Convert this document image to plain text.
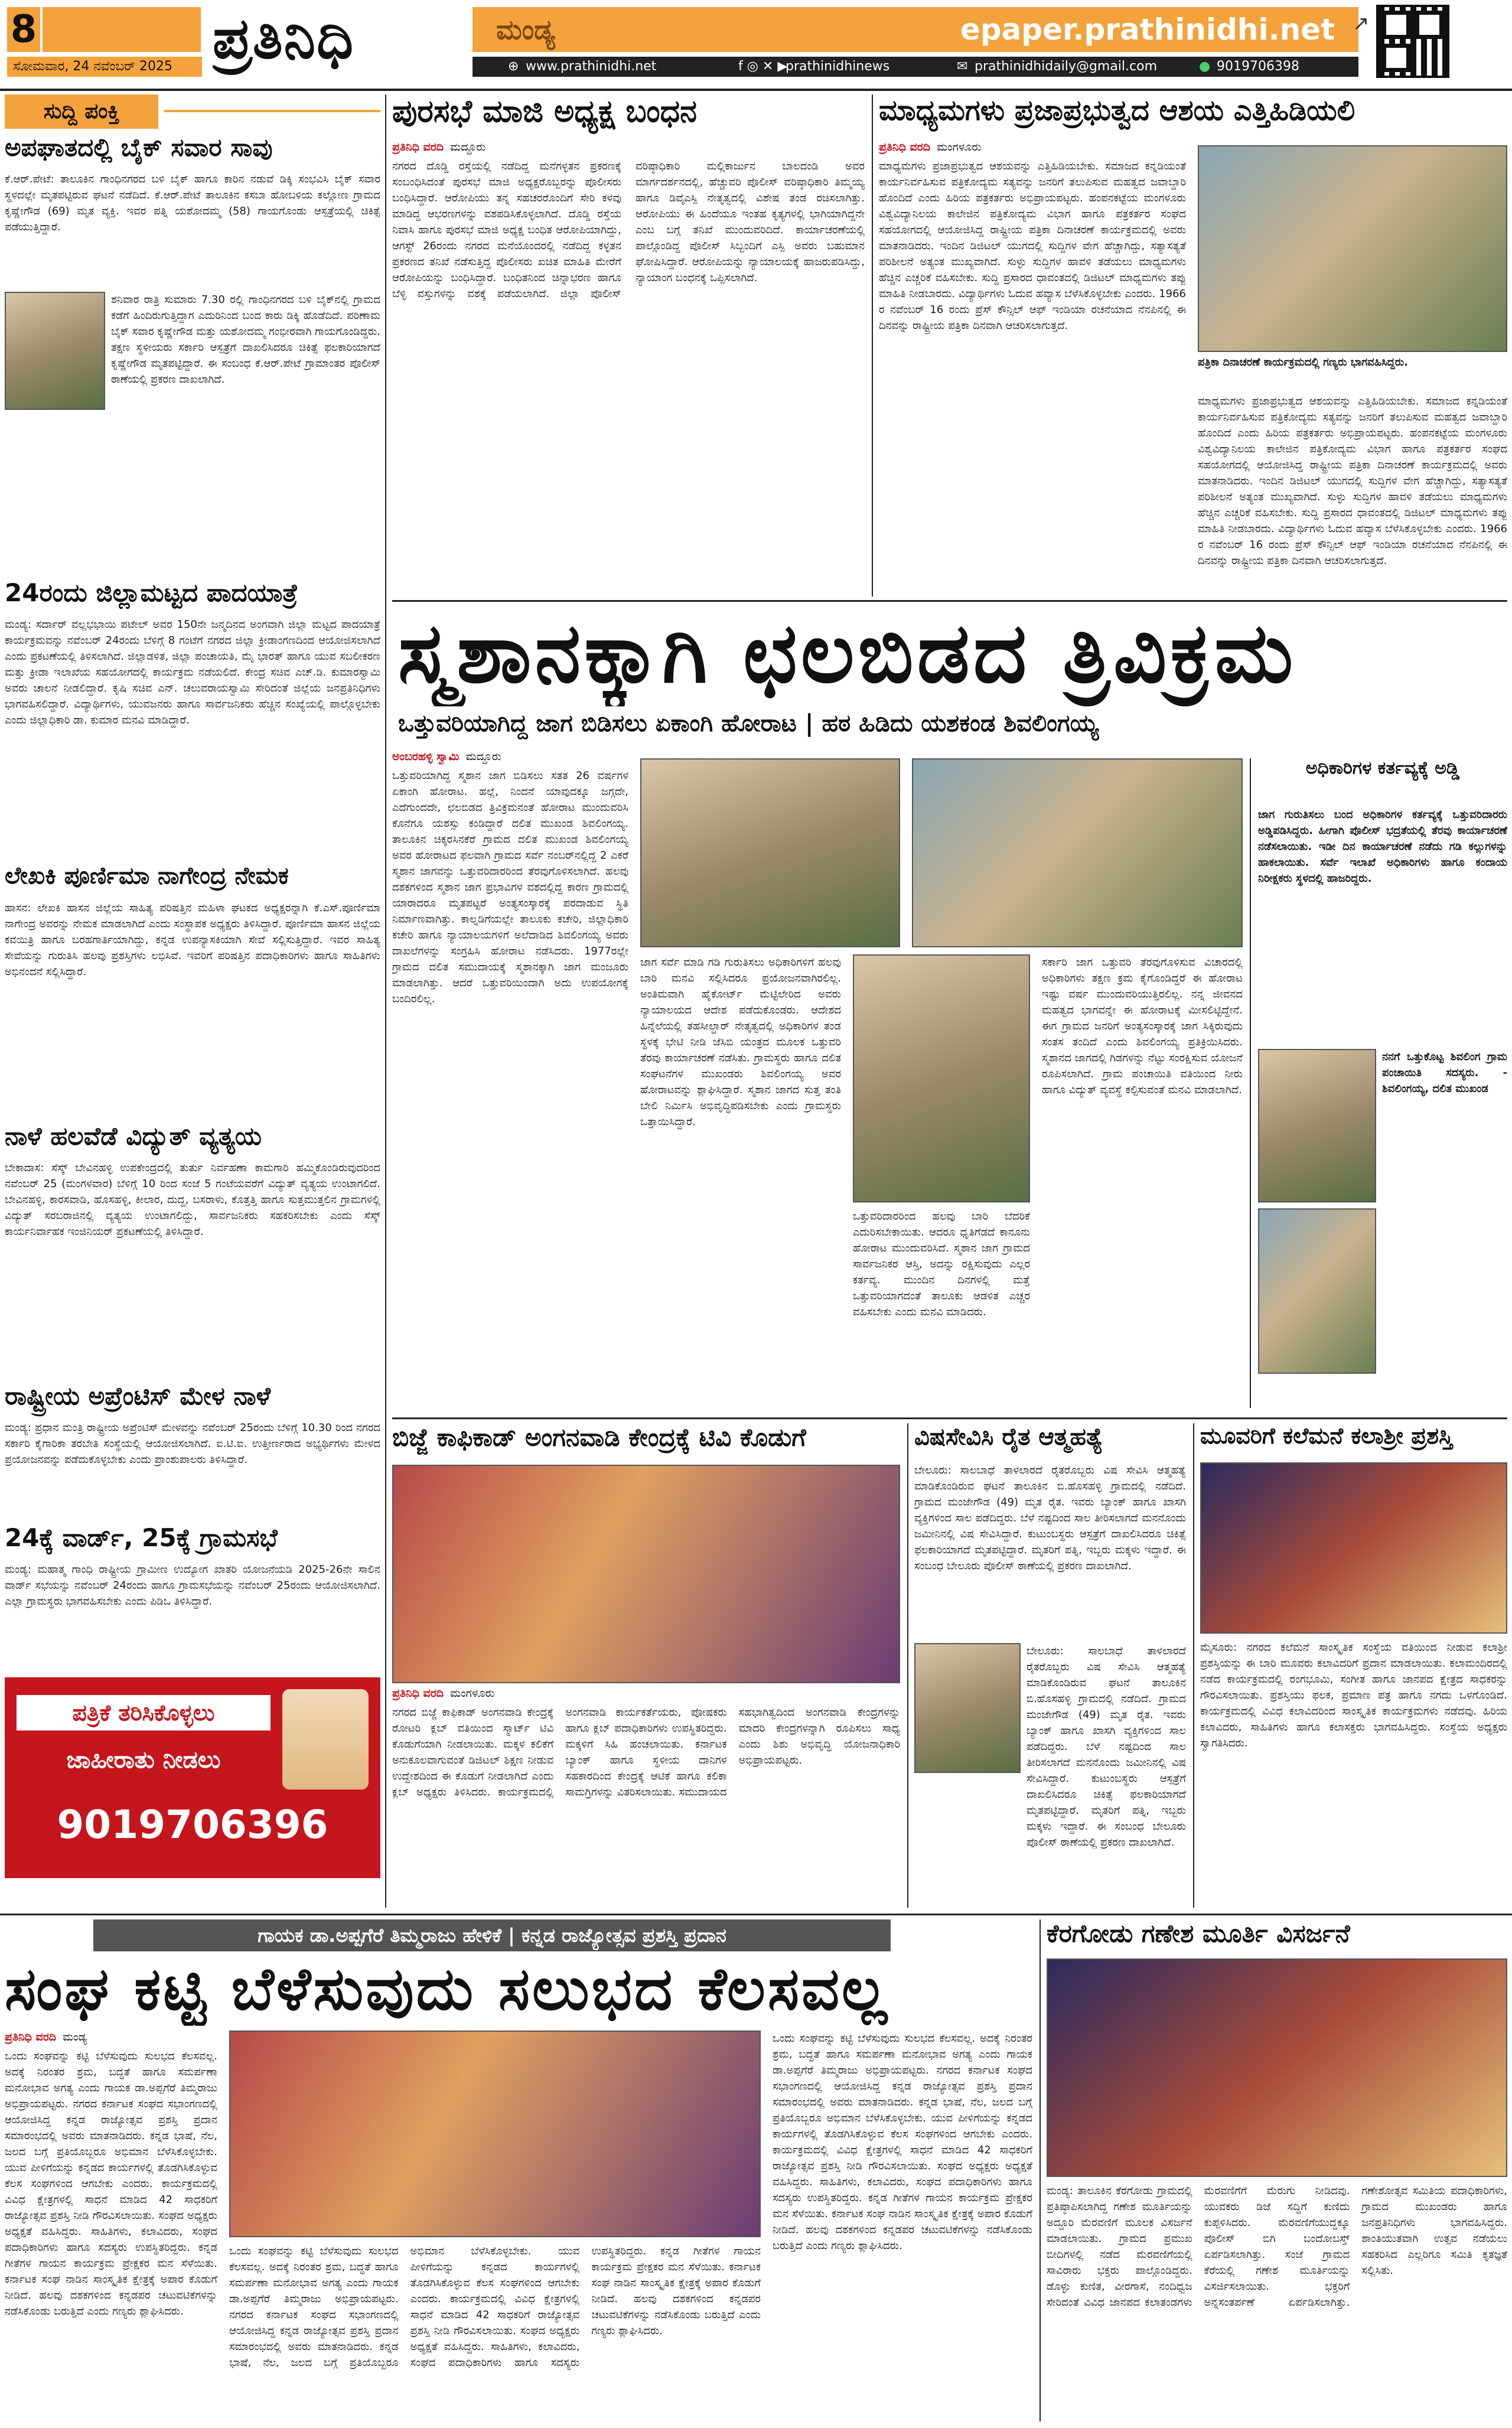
8
ಸೋಮವಾರ, 24 ನವೆಂಬರ್ 2025 ಪ್ರತಿನಿಧಿ	ಮಂಡ್ಯ	epaper.prathinidhi.net
⊕ www.prathinidhi.net	f ◎ ✕ ▶
prathinidhinews	✉ prathinidhidaily@gmail.com	● 9019706398
↗
ಸುದ್ದಿ ಪಂಕ್ತಿ
ಅಪಘಾತದಲ್ಲಿ ಬೈಕ್ ಸವಾರ ಸಾವು
ಕೆ.ಆರ್.ಪೇಟೆ: ತಾಲೂಕಿನ ಗಾಂಧಿನಗರದ ಬಳಿ ಬೈಕ್ ಹಾಗೂ ಕಾರಿನ ನಡುವೆ ಡಿಕ್ಕಿ ಸಂಭವಿಸಿ ಬೈಕ್ ಸವಾರ ಸ್ಥಳದಲ್ಲೇ ಮೃತಪಟ್ಟಿರುವ ಘಟನೆ ನಡೆದಿದೆ. ಕೆ.ಆರ್.ಪೇಟೆ ತಾಲೂಕಿನ ಕಸಬಾ ಹೋಬಳಿಯ ಕಲ್ಲೋಣ ಗ್ರಾಮದ ಕೃಷ್ಣೇಗೌಡ (69) ಮೃತ ವ್ಯಕ್ತಿ. ಇವರ ಪತ್ನಿ ಯಶೋದಮ್ಮ (58) ಗಾಯಗೊಂಡು ಆಸ್ಪತ್ರೆಯಲ್ಲಿ ಚಿಕಿತ್ಸೆ ಪಡೆಯುತ್ತಿದ್ದಾರೆ.
ಶನಿವಾರ ರಾತ್ರಿ ಸುಮಾರು 7.30 ರಲ್ಲಿ ಗಾಂಧಿನಗರದ ಬಳಿ ಬೈಕ್‌ನಲ್ಲಿ ಗ್ರಾಮದ ಕಡೆಗೆ ಹಿಂದಿರುಗುತ್ತಿದ್ದಾಗ ಎದುರಿನಿಂದ ಬಂದ ಕಾರು ಡಿಕ್ಕಿ ಹೊಡೆದಿದೆ. ಪರಿಣಾಮ ಬೈಕ್ ಸವಾರ ಕೃಷ್ಣೇಗೌಡ ಮತ್ತು ಯಶೋದಮ್ಮ ಗಂಭೀರವಾಗಿ ಗಾಯಗೊಂಡಿದ್ದರು. ತಕ್ಷಣ ಸ್ಥಳೀಯರು ಸರ್ಕಾರಿ ಆಸ್ಪತ್ರೆಗೆ ದಾಖಲಿಸಿದರೂ ಚಿಕಿತ್ಸೆ ಫಲಕಾರಿಯಾಗದೆ ಕೃಷ್ಣೇಗೌಡ ಮೃತಪಟ್ಟಿದ್ದಾರೆ. ಈ ಸಂಬಂಧ ಕೆ.ಆರ್.ಪೇಟೆ ಗ್ರಾಮಾಂತರ ಪೊಲೀಸ್ ಠಾಣೆಯಲ್ಲಿ ಪ್ರಕರಣ ದಾಖಲಾಗಿದೆ.
24ರಂದು ಜಿಲ್ಲಾಮಟ್ಟದ ಪಾದಯಾತ್ರೆ
ಮಂಡ್ಯ: ಸರ್ದಾರ್ ವಲ್ಲಭಭಾಯಿ ಪಟೇಲ್ ಅವರ 150ನೇ ಜನ್ಮದಿನದ ಅಂಗವಾಗಿ ಜಿಲ್ಲಾ ಮಟ್ಟದ ಪಾದಯಾತ್ರೆ ಕಾರ್ಯಕ್ರಮವನ್ನು ನವೆಂಬರ್ 24ರಂದು ಬೆಳಿಗ್ಗೆ 8 ಗಂಟೆಗೆ ನಗರದ ಜಿಲ್ಲಾ ಕ್ರೀಡಾಂಗಣದಿಂದ ಆಯೋಜಿಸಲಾಗಿದೆ ಎಂದು ಪ್ರಕಟಣೆಯಲ್ಲಿ ತಿಳಿಸಲಾಗಿದೆ. ಜಿಲ್ಲಾಡಳಿತ, ಜಿಲ್ಲಾ ಪಂಚಾಯತಿ, ಮೈ ಭಾರತ್ ಹಾಗೂ ಯುವ ಸಬಲೀಕರಣ ಮತ್ತು ಕ್ರೀಡಾ ಇಲಾಖೆಯ ಸಹಯೋಗದಲ್ಲಿ ಕಾರ್ಯಕ್ರಮ ನಡೆಯಲಿದೆ. ಕೇಂದ್ರ ಸಚಿವ ಎಚ್.ಡಿ. ಕುಮಾರಸ್ವಾಮಿ ಅವರು ಚಾಲನೆ ನೀಡಲಿದ್ದಾರೆ. ಕೃಷಿ ಸಚಿವ ಎನ್. ಚಲುವರಾಯಸ್ವಾಮಿ ಸೇರಿದಂತೆ ಜಿಲ್ಲೆಯ ಜನಪ್ರತಿನಿಧಿಗಳು ಭಾಗವಹಿಸಲಿದ್ದಾರೆ. ವಿದ್ಯಾರ್ಥಿಗಳು, ಯುವಜನರು ಹಾಗೂ ಸಾರ್ವಜನಿಕರು ಹೆಚ್ಚಿನ ಸಂಖ್ಯೆಯಲ್ಲಿ ಪಾಲ್ಗೊಳ್ಳಬೇಕು ಎಂದು ಜಿಲ್ಲಾಧಿಕಾರಿ ಡಾ. ಕುಮಾರ ಮನವಿ ಮಾಡಿದ್ದಾರೆ.
ಲೇಖಕಿ ಪೂರ್ಣಿಮಾ ನಾಗೇಂದ್ರ ನೇಮಕ
ಹಾಸನ: ಲೇಖಕಿ ಹಾಸನ ಜಿಲ್ಲೆಯ ಸಾಹಿತ್ಯ ಪರಿಷತ್ತಿನ ಮಹಿಳಾ ಘಟಕದ ಅಧ್ಯಕ್ಷರನ್ನಾಗಿ ಕೆ.ಎಸ್.ಪೂರ್ಣಿಮಾ ನಾಗೇಂದ್ರ ಅವರನ್ನು ನೇಮಕ ಮಾಡಲಾಗಿದೆ ಎಂದು ಸಂಸ್ಥಾಪಕ ಅಧ್ಯಕ್ಷರು ತಿಳಿಸಿದ್ದಾರೆ. ಪೂರ್ಣಿಮಾ ಹಾಸನ ಜಿಲ್ಲೆಯ ಕವಯಿತ್ರಿ ಹಾಗೂ ಬರಹಗಾರ್ತಿಯಾಗಿದ್ದು, ಕನ್ನಡ ಉಪನ್ಯಾಸಕಿಯಾಗಿ ಸೇವೆ ಸಲ್ಲಿಸುತ್ತಿದ್ದಾರೆ. ಇವರ ಸಾಹಿತ್ಯ ಸೇವೆಯನ್ನು ಗುರುತಿಸಿ ಹಲವು ಪ್ರಶಸ್ತಿಗಳು ಲಭಿಸಿವೆ. ಇವರಿಗೆ ಪರಿಷತ್ತಿನ ಪದಾಧಿಕಾರಿಗಳು ಹಾಗೂ ಸಾಹಿತಿಗಳು ಅಭಿನಂದನೆ ಸಲ್ಲಿಸಿದ್ದಾರೆ.
ನಾಳೆ ಹಲವೆಡೆ ವಿದ್ಯುತ್ ವ್ಯತ್ಯಯ
ಬೇಕಾದಾಸ: ಸೆಸ್ಕ್ ಬೇವಿನಹಳ್ಳಿ ಉಪಕೇಂದ್ರದಲ್ಲಿ ತುರ್ತು ನಿರ್ವಹಣಾ ಕಾಮಗಾರಿ ಹಮ್ಮಿಕೊಂಡಿರುವುದರಿಂದ ನವೆಂಬರ್ 25 (ಮಂಗಳವಾರ) ಬೆಳಿಗ್ಗೆ 10 ರಿಂದ ಸಂಜೆ 5 ಗಂಟೆಯವರೆಗೆ ವಿದ್ಯುತ್ ವ್ಯತ್ಯಯ ಉಂಟಾಗಲಿದೆ. ಬೇವಿನಹಳ್ಳಿ, ಕಾರಸವಾಡಿ, ಹೊಸಹಳ್ಳಿ, ಕೀಲಾರ, ದುದ್ದ, ಬಸರಾಳು, ಕೊತ್ತತ್ತಿ ಹಾಗೂ ಸುತ್ತಮುತ್ತಲಿನ ಗ್ರಾಮಗಳಲ್ಲಿ ವಿದ್ಯುತ್ ಸರಬರಾಜಿನಲ್ಲಿ ವ್ಯತ್ಯಯ ಉಂಟಾಗಲಿದ್ದು, ಸಾರ್ವಜನಿಕರು ಸಹಕರಿಸಬೇಕು ಎಂದು ಸೆಸ್ಕ್ ಕಾರ್ಯನಿರ್ವಾಹಕ ಇಂಜಿನಿಯರ್ ಪ್ರಕಟಣೆಯಲ್ಲಿ ತಿಳಿಸಿದ್ದಾರೆ.
ರಾಷ್ಟ್ರೀಯ ಅಪ್ರೆಂಟಿಸ್ ಮೇಳ ನಾಳೆ
ಮಂಡ್ಯ: ಪ್ರಧಾನ ಮಂತ್ರಿ ರಾಷ್ಟ್ರೀಯ ಅಪ್ರೆಂಟಿಸ್ ಮೇಳವನ್ನು ನವೆಂಬರ್ 25ರಂದು ಬೆಳಿಗ್ಗೆ 10.30 ರಿಂದ ನಗರದ ಸರ್ಕಾರಿ ಕೈಗಾರಿಕಾ ತರಬೇತಿ ಸಂಸ್ಥೆಯಲ್ಲಿ ಆಯೋಜಿಸಲಾಗಿದೆ. ಐ.ಟಿ.ಐ. ಉತ್ತೀರ್ಣರಾದ ಅಭ್ಯರ್ಥಿಗಳು ಮೇಳದ ಪ್ರಯೋಜನವನ್ನು ಪಡೆದುಕೊಳ್ಳಬೇಕು ಎಂದು ಪ್ರಾಂಶುಪಾಲರು ತಿಳಿಸಿದ್ದಾರೆ.
24ಕ್ಕೆ ವಾರ್ಡ್, 25ಕ್ಕೆ ಗ್ರಾಮಸಭೆ
ಮಂಡ್ಯ: ಮಹಾತ್ಮ ಗಾಂಧಿ ರಾಷ್ಟ್ರೀಯ ಗ್ರಾಮೀಣ ಉದ್ಯೋಗ ಖಾತರಿ ಯೋಜನೆಯಡಿ 2025-26ನೇ ಸಾಲಿನ ವಾರ್ಡ್ ಸಭೆಯನ್ನು ನವೆಂಬರ್ 24ರಂದು ಹಾಗೂ ಗ್ರಾಮಸಭೆಯನ್ನು ನವೆಂಬರ್ 25ರಂದು ಆಯೋಜಿಸಲಾಗಿದೆ. ಎಲ್ಲಾ ಗ್ರಾಮಸ್ಥರು ಭಾಗವಹಿಸಬೇಕು ಎಂದು ಪಿಡಿಒ ತಿಳಿಸಿದ್ದಾರೆ.
ಪತ್ರಿಕೆ ತರಿಸಿಕೊಳ್ಳಲು
ಜಾಹೀರಾತು ನೀಡಲು
9019706396
ಪುರಸಭೆ ಮಾಜಿ ಅಧ್ಯಕ್ಷ ಬಂಧನ
ಪ್ರತಿನಿಧಿ ವರದಿ ಮದ್ದೂರು
ನಗರದ ದೊಡ್ಡಿ ರಸ್ತೆಯಲ್ಲಿ ನಡೆದಿದ್ದ ಮನೆಗಳ್ಳತನ ಪ್ರಕರಣಕ್ಕೆ ಸಂಬಂಧಿಸಿದಂತೆ ಪುರಸಭೆ ಮಾಜಿ ಅಧ್ಯಕ್ಷರೊಬ್ಬರನ್ನು ಪೊಲೀಸರು ಬಂಧಿಸಿದ್ದಾರೆ. ಆರೋಪಿಯು ತನ್ನ ಸಹಚರರೊಂದಿಗೆ ಸೇರಿ ಕಳವು ಮಾಡಿದ್ದ ಆಭರಣಗಳನ್ನು ವಶಪಡಿಸಿಕೊಳ್ಳಲಾಗಿದೆ. ದೊಡ್ಡಿ ರಸ್ತೆಯ ನಿವಾಸಿ ಹಾಗೂ ಪುರಸಭೆ ಮಾಜಿ ಅಧ್ಯಕ್ಷ ಬಂಧಿತ ಆರೋಪಿಯಾಗಿದ್ದು, ಆಗಸ್ಟ್ 26ರಂದು ನಗರದ ಮನೆಯೊಂದರಲ್ಲಿ ನಡೆದಿದ್ದ ಕಳ್ಳತನ ಪ್ರಕರಣದ ತನಿಖೆ ನಡೆಸುತ್ತಿದ್ದ ಪೊಲೀಸರು ಖಚಿತ ಮಾಹಿತಿ ಮೇರೆಗೆ ಆರೋಪಿಯನ್ನು ಬಂಧಿಸಿದ್ದಾರೆ. ಬಂಧಿತನಿಂದ ಚಿನ್ನಾಭರಣ ಹಾಗೂ ಬೆಳ್ಳಿ ವಸ್ತುಗಳನ್ನು ವಶಕ್ಕೆ ಪಡೆಯಲಾಗಿದೆ. ಜಿಲ್ಲಾ ಪೊಲೀಸ್ ವರಿಷ್ಠಾಧಿಕಾರಿ ಮಲ್ಲಿಕಾರ್ಜುನ ಬಾಲದಂಡಿ ಅವರ ಮಾರ್ಗದರ್ಶನದಲ್ಲಿ, ಹೆಚ್ಚುವರಿ ಪೊಲೀಸ್ ವರಿಷ್ಠಾಧಿಕಾರಿ ತಿಮ್ಮಯ್ಯ ಹಾಗೂ ಡಿವೈಎಸ್ಪಿ ನೇತೃತ್ವದಲ್ಲಿ ವಿಶೇಷ ತಂಡ ರಚಿಸಲಾಗಿತ್ತು. ಆರೋಪಿಯು ಈ ಹಿಂದೆಯೂ ಇಂತಹ ಕೃತ್ಯಗಳಲ್ಲಿ ಭಾಗಿಯಾಗಿದ್ದನೇ ಎಂಬ ಬಗ್ಗೆ ತನಿಖೆ ಮುಂದುವರಿದಿದೆ. ಕಾರ್ಯಾಚರಣೆಯಲ್ಲಿ ಪಾಲ್ಗೊಂಡಿದ್ದ ಪೊಲೀಸ್ ಸಿಬ್ಬಂದಿಗೆ ಎಸ್ಪಿ ಅವರು ಬಹುಮಾನ ಘೋಷಿಸಿದ್ದಾರೆ. ಆರೋಪಿಯನ್ನು ನ್ಯಾಯಾಲಯಕ್ಕೆ ಹಾಜರುಪಡಿಸಿದ್ದು, ನ್ಯಾಯಾಂಗ ಬಂಧನಕ್ಕೆ ಒಪ್ಪಿಸಲಾಗಿದೆ.
ಮಾಧ್ಯಮಗಳು ಪ್ರಜಾಪ್ರಭುತ್ವದ ಆಶಯ ಎತ್ತಿಹಿಡಿಯಲಿ
ಪ್ರತಿನಿಧಿ ವರದಿ ಮಂಗಳೂರು
ಮಾಧ್ಯಮಗಳು ಪ್ರಜಾಪ್ರಭುತ್ವದ ಆಶಯವನ್ನು ಎತ್ತಿಹಿಡಿಯಬೇಕು. ಸಮಾಜದ ಕನ್ನಡಿಯಂತೆ ಕಾರ್ಯನಿರ್ವಹಿಸುವ ಪತ್ರಿಕೋದ್ಯಮ ಸತ್ಯವನ್ನು ಜನರಿಗೆ ತಲುಪಿಸುವ ಮಹತ್ವದ ಜವಾಬ್ದಾರಿ ಹೊಂದಿದೆ ಎಂದು ಹಿರಿಯ ಪತ್ರಕರ್ತರು ಅಭಿಪ್ರಾಯಪಟ್ಟರು. ಹಂಪನಕಟ್ಟೆಯ ಮಂಗಳೂರು ವಿಶ್ವವಿದ್ಯಾನಿಲಯ ಕಾಲೇಜಿನ ಪತ್ರಿಕೋದ್ಯಮ ವಿಭಾಗ ಹಾಗೂ ಪತ್ರಕರ್ತರ ಸಂಘದ ಸಹಯೋಗದಲ್ಲಿ ಆಯೋಜಿಸಿದ್ದ ರಾಷ್ಟ್ರೀಯ ಪತ್ರಿಕಾ ದಿನಾಚರಣೆ ಕಾರ್ಯಕ್ರಮದಲ್ಲಿ ಅವರು ಮಾತನಾಡಿದರು. ಇಂದಿನ ಡಿಜಿಟಲ್ ಯುಗದಲ್ಲಿ ಸುದ್ದಿಗಳ ವೇಗ ಹೆಚ್ಚಾಗಿದ್ದು, ಸತ್ಯಾಸತ್ಯತೆ ಪರಿಶೀಲನೆ ಅತ್ಯಂತ ಮುಖ್ಯವಾಗಿದೆ. ಸುಳ್ಳು ಸುದ್ದಿಗಳ ಹಾವಳಿ ತಡೆಯಲು ಮಾಧ್ಯಮಗಳು ಹೆಚ್ಚಿನ ಎಚ್ಚರಿಕೆ ವಹಿಸಬೇಕು. ಸುದ್ದಿ ಪ್ರಸಾರದ ಧಾವಂತದಲ್ಲಿ ಡಿಜಿಟಲ್ ಮಾಧ್ಯಮಗಳು ತಪ್ಪು ಮಾಹಿತಿ ನೀಡಬಾರದು. ವಿದ್ಯಾರ್ಥಿಗಳು ಓದುವ ಹವ್ಯಾಸ ಬೆಳೆಸಿಕೊಳ್ಳಬೇಕು ಎಂದರು. 1966 ರ ನವೆಂಬರ್ 16 ರಂದು ಪ್ರೆಸ್ ಕೌನ್ಸಿಲ್ ಆಫ್ ಇಂಡಿಯಾ ರಚನೆಯಾದ ನೆನಪಿನಲ್ಲಿ ಈ ದಿನವನ್ನು ರಾಷ್ಟ್ರೀಯ ಪತ್ರಿಕಾ ದಿನವಾಗಿ ಆಚರಿಸಲಾಗುತ್ತದೆ.
ಪತ್ರಿಕಾ ದಿನಾಚರಣೆ ಕಾರ್ಯಕ್ರಮದಲ್ಲಿ ಗಣ್ಯರು ಭಾಗವಹಿಸಿದ್ದರು.
ಮಾಧ್ಯಮಗಳು ಪ್ರಜಾಪ್ರಭುತ್ವದ ಆಶಯವನ್ನು ಎತ್ತಿಹಿಡಿಯಬೇಕು. ಸಮಾಜದ ಕನ್ನಡಿಯಂತೆ ಕಾರ್ಯನಿರ್ವಹಿಸುವ ಪತ್ರಿಕೋದ್ಯಮ ಸತ್ಯವನ್ನು ಜನರಿಗೆ ತಲುಪಿಸುವ ಮಹತ್ವದ ಜವಾಬ್ದಾರಿ ಹೊಂದಿದೆ ಎಂದು ಹಿರಿಯ ಪತ್ರಕರ್ತರು ಅಭಿಪ್ರಾಯಪಟ್ಟರು. ಹಂಪನಕಟ್ಟೆಯ ಮಂಗಳೂರು ವಿಶ್ವವಿದ್ಯಾನಿಲಯ ಕಾಲೇಜಿನ ಪತ್ರಿಕೋದ್ಯಮ ವಿಭಾಗ ಹಾಗೂ ಪತ್ರಕರ್ತರ ಸಂಘದ ಸಹಯೋಗದಲ್ಲಿ ಆಯೋಜಿಸಿದ್ದ ರಾಷ್ಟ್ರೀಯ ಪತ್ರಿಕಾ ದಿನಾಚರಣೆ ಕಾರ್ಯಕ್ರಮದಲ್ಲಿ ಅವರು ಮಾತನಾಡಿದರು. ಇಂದಿನ ಡಿಜಿಟಲ್ ಯುಗದಲ್ಲಿ ಸುದ್ದಿಗಳ ವೇಗ ಹೆಚ್ಚಾಗಿದ್ದು, ಸತ್ಯಾಸತ್ಯತೆ ಪರಿಶೀಲನೆ ಅತ್ಯಂತ ಮುಖ್ಯವಾಗಿದೆ. ಸುಳ್ಳು ಸುದ್ದಿಗಳ ಹಾವಳಿ ತಡೆಯಲು ಮಾಧ್ಯಮಗಳು ಹೆಚ್ಚಿನ ಎಚ್ಚರಿಕೆ ವಹಿಸಬೇಕು. ಸುದ್ದಿ ಪ್ರಸಾರದ ಧಾವಂತದಲ್ಲಿ ಡಿಜಿಟಲ್ ಮಾಧ್ಯಮಗಳು ತಪ್ಪು ಮಾಹಿತಿ ನೀಡಬಾರದು. ವಿದ್ಯಾರ್ಥಿಗಳು ಓದುವ ಹವ್ಯಾಸ ಬೆಳೆಸಿಕೊಳ್ಳಬೇಕು ಎಂದರು. 1966 ರ ನವೆಂಬರ್ 16 ರಂದು ಪ್ರೆಸ್ ಕೌನ್ಸಿಲ್ ಆಫ್ ಇಂಡಿಯಾ ರಚನೆಯಾದ ನೆನಪಿನಲ್ಲಿ ಈ ದಿನವನ್ನು ರಾಷ್ಟ್ರೀಯ ಪತ್ರಿಕಾ ದಿನವಾಗಿ ಆಚರಿಸಲಾಗುತ್ತದೆ.
ಸ್ಮಶಾನಕ್ಕಾಗಿ ಛಲಬಿಡದ ತ್ರಿವಿಕ್ರಮ
ಒತ್ತುವರಿಯಾಗಿದ್ದ ಜಾಗ ಬಿಡಿಸಲು ಏಕಾಂಗಿ ಹೋರಾಟ | ಹಠ ಹಿಡಿದು ಯಶಕಂಡ ಶಿವಲಿಂಗಯ್ಯ
ಅಂಬರಹಳ್ಳಿ ಸ್ವಾಮಿ ಮದ್ದೂರು
ಒತ್ತುವರಿಯಾಗಿದ್ದ ಸ್ಮಶಾನ ಜಾಗ ಬಿಡಿಸಲು ಸತತ 26 ವರ್ಷಗಳ ಏಕಾಂಗಿ ಹೋರಾಟ. ಹಲ್ಲೆ, ನಿಂದನೆ ಯಾವುದಕ್ಕೂ ಜಗ್ಗದೇ, ಎದೆಗುಂದದೇ, ಛಲಬಿಡದ ತ್ರಿವಿಕ್ರಮನಂತೆ ಹೋರಾಟ ಮುಂದುವರಿಸಿ ಕೊನೆಗೂ ಯಶಸ್ಸು ಕಂಡಿದ್ದಾರೆ ದಲಿತ ಮುಖಂಡ ಶಿವಲಿಂಗಯ್ಯ. ತಾಲೂಕಿನ ಚಿಕ್ಕರಸಿನಕೆರೆ ಗ್ರಾಮದ ದಲಿತ ಮುಖಂಡ ಶಿವಲಿಂಗಯ್ಯ ಅವರ ಹೋರಾಟದ ಫಲವಾಗಿ ಗ್ರಾಮದ ಸರ್ವೆ ನಂಬರ್‌ನಲ್ಲಿದ್ದ 2 ಎಕರೆ ಸ್ಮಶಾನ ಜಾಗವನ್ನು ಒತ್ತುವರಿದಾರರಿಂದ ತೆರವುಗೊಳಿಸಲಾಗಿದೆ. ಹಲವು ದಶಕಗಳಿಂದ ಸ್ಮಶಾನ ಜಾಗ ಪ್ರಭಾವಿಗಳ ವಶದಲ್ಲಿದ್ದ ಕಾರಣ ಗ್ರಾಮದಲ್ಲಿ ಯಾರಾದರೂ ಮೃತಪಟ್ಟರೆ ಅಂತ್ಯಸಂಸ್ಕಾರಕ್ಕೆ ಪರದಾಡುವ ಸ್ಥಿತಿ ನಿರ್ಮಾಣವಾಗಿತ್ತು. ಕಾಲ್ನಡಿಗೆಯಲ್ಲೇ ತಾಲೂಕು ಕಚೇರಿ, ಜಿಲ್ಲಾಧಿಕಾರಿ ಕಚೇರಿ ಹಾಗೂ ನ್ಯಾಯಾಲಯಗಳಿಗೆ ಅಲೆದಾಡಿದ ಶಿವಲಿಂಗಯ್ಯ ಅವರು ದಾಖಲೆಗಳನ್ನು ಸಂಗ್ರಹಿಸಿ ಹೋರಾಟ ನಡೆಸಿದರು. 1977ರಲ್ಲೇ ಗ್ರಾಮದ ದಲಿತ ಸಮುದಾಯಕ್ಕೆ ಸ್ಮಶಾನಕ್ಕಾಗಿ ಜಾಗ ಮಂಜೂರು ಮಾಡಲಾಗಿತ್ತು. ಆದರೆ ಒತ್ತುವರಿಯಿಂದಾಗಿ ಅದು ಉಪಯೋಗಕ್ಕೆ ಬಂದಿರಲಿಲ್ಲ.
ಜಾಗ ಸರ್ವೆ ಮಾಡಿ ಗಡಿ ಗುರುತಿಸಲು ಅಧಿಕಾರಿಗಳಿಗೆ ಹಲವು ಬಾರಿ ಮನವಿ ಸಲ್ಲಿಸಿದರೂ ಪ್ರಯೋಜನವಾಗಿರಲಿಲ್ಲ. ಅಂತಿಮವಾಗಿ ಹೈಕೋರ್ಟ್ ಮೆಟ್ಟಿಲೇರಿದ ಅವರು ನ್ಯಾಯಾಲಯದ ಆದೇಶ ಪಡೆದುಕೊಂಡರು. ಆದೇಶದ ಹಿನ್ನೆಲೆಯಲ್ಲಿ ತಹಸೀಲ್ದಾರ್ ನೇತೃತ್ವದಲ್ಲಿ ಅಧಿಕಾರಿಗಳ ತಂಡ ಸ್ಥಳಕ್ಕೆ ಭೇಟಿ ನೀಡಿ ಜೆಸಿಬಿ ಯಂತ್ರದ ಮೂಲಕ ಒತ್ತುವರಿ ತೆರವು ಕಾರ್ಯಾಚರಣೆ ನಡೆಸಿತು. ಗ್ರಾಮಸ್ಥರು ಹಾಗೂ ದಲಿತ ಸಂಘಟನೆಗಳ ಮುಖಂಡರು ಶಿವಲಿಂಗಯ್ಯ ಅವರ ಹೋರಾಟವನ್ನು ಶ್ಲಾಘಿಸಿದ್ದಾರೆ. ಸ್ಮಶಾನ ಜಾಗದ ಸುತ್ತ ತಂತಿ ಬೇಲಿ ನಿರ್ಮಿಸಿ ಅಭಿವೃದ್ಧಿಪಡಿಸಬೇಕು ಎಂದು ಗ್ರಾಮಸ್ಥರು ಒತ್ತಾಯಿಸಿದ್ದಾರೆ.
ಸರ್ಕಾರಿ ಜಾಗ ಒತ್ತುವರಿ ತೆರವುಗೊಳಿಸುವ ವಿಚಾರದಲ್ಲಿ ಅಧಿಕಾರಿಗಳು ತಕ್ಷಣ ಕ್ರಮ ಕೈಗೊಂಡಿದ್ದರೆ ಈ ಹೋರಾಟ ಇಷ್ಟು ವರ್ಷ ಮುಂದುವರಿಯುತ್ತಿರಲಿಲ್ಲ. ನನ್ನ ಜೀವನದ ಮಹತ್ವದ ಭಾಗವನ್ನೇ ಈ ಹೋರಾಟಕ್ಕೆ ಮೀಸಲಿಟ್ಟಿದ್ದೇನೆ. ಈಗ ಗ್ರಾಮದ ಜನರಿಗೆ ಅಂತ್ಯಸಂಸ್ಕಾರಕ್ಕೆ ಜಾಗ ಸಿಕ್ಕಿರುವುದು ಸಂತಸ ತಂದಿದೆ ಎಂದು ಶಿವಲಿಂಗಯ್ಯ ಪ್ರತಿಕ್ರಿಯಿಸಿದರು. ಸ್ಮಶಾನದ ಜಾಗದಲ್ಲಿ ಗಿಡಗಳನ್ನು ನೆಟ್ಟು ಸಂರಕ್ಷಿಸುವ ಯೋಜನೆ ರೂಪಿಸಲಾಗಿದೆ. ಗ್ರಾಮ ಪಂಚಾಯಿತಿ ವತಿಯಿಂದ ನೀರು ಹಾಗೂ ವಿದ್ಯುತ್ ವ್ಯವಸ್ಥೆ ಕಲ್ಪಿಸುವಂತೆ ಮನವಿ ಮಾಡಲಾಗಿದೆ.
ಒತ್ತುವರಿದಾರರಿಂದ ಹಲವು ಬಾರಿ ಬೆದರಿಕೆ ಎದುರಿಸಬೇಕಾಯಿತು. ಆದರೂ ಧೃತಿಗೆಡದೆ ಕಾನೂನು ಹೋರಾಟ ಮುಂದುವರಿಸಿದೆ. ಸ್ಮಶಾನ ಜಾಗ ಗ್ರಾಮದ ಸಾರ್ವಜನಿಕರ ಆಸ್ತಿ, ಅದನ್ನು ರಕ್ಷಿಸುವುದು ಎಲ್ಲರ ಕರ್ತವ್ಯ. ಮುಂದಿನ ದಿನಗಳಲ್ಲಿ ಮತ್ತೆ ಒತ್ತುವರಿಯಾಗದಂತೆ ತಾಲೂಕು ಆಡಳಿತ ಎಚ್ಚರ ವಹಿಸಬೇಕು ಎಂದು ಮನವಿ ಮಾಡಿದರು.
ಅಧಿಕಾರಿಗಳ ಕರ್ತವ್ಯಕ್ಕೆ ಅಡ್ಡಿ
ಜಾಗ ಗುರುತಿಸಲು ಬಂದ ಅಧಿಕಾರಿಗಳ ಕರ್ತವ್ಯಕ್ಕೆ ಒತ್ತುವರಿದಾರರು ಅಡ್ಡಿಪಡಿಸಿದ್ದರು. ಹೀಗಾಗಿ ಪೊಲೀಸ್ ಭದ್ರತೆಯಲ್ಲಿ ತೆರವು ಕಾರ್ಯಾಚರಣೆ ನಡೆಸಲಾಯಿತು. ಇಡೀ ದಿನ ಕಾರ್ಯಾಚರಣೆ ನಡೆದು ಗಡಿ ಕಲ್ಲುಗಳನ್ನು ಹಾಕಲಾಯಿತು. ಸರ್ವೆ ಇಲಾಖೆ ಅಧಿಕಾರಿಗಳು ಹಾಗೂ ಕಂದಾಯ ನಿರೀಕ್ಷಕರು ಸ್ಥಳದಲ್ಲಿ ಹಾಜರಿದ್ದರು.
ನನಗೆ ಒತ್ತುಕೊಟ್ಟ ಶಿವಲಿಂಗ ಗ್ರಾಮ ಪಂಚಾಯಿತಿ ಸದಸ್ಯರು. - ಶಿವಲಿಂಗಯ್ಯ, ದಲಿತ ಮುಖಂಡ
ಬಿಜ್ಜೆ ಕಾಫಿಕಾಡ್ ಅಂಗನವಾಡಿ ಕೇಂದ್ರಕ್ಕೆ ಟಿವಿ ಕೊಡುಗೆ
ಪ್ರತಿನಿಧಿ ವರದಿ ಮಂಗಳೂರು
ನಗರದ ಬಿಜ್ಜೆ ಕಾಫಿಕಾಡ್ ಅಂಗನವಾಡಿ ಕೇಂದ್ರಕ್ಕೆ ರೋಟರಿ ಕ್ಲಬ್ ವತಿಯಿಂದ ಸ್ಮಾರ್ಟ್ ಟಿವಿ ಕೊಡುಗೆಯಾಗಿ ನೀಡಲಾಯಿತು. ಮಕ್ಕಳ ಕಲಿಕೆಗೆ ಅನುಕೂಲವಾಗುವಂತೆ ಡಿಜಿಟಲ್ ಶಿಕ್ಷಣ ನೀಡುವ ಉದ್ದೇಶದಿಂದ ಈ ಕೊಡುಗೆ ನೀಡಲಾಗಿದೆ ಎಂದು ಕ್ಲಬ್ ಅಧ್ಯಕ್ಷರು ತಿಳಿಸಿದರು. ಕಾರ್ಯಕ್ರಮದಲ್ಲಿ ಅಂಗನವಾಡಿ ಕಾರ್ಯಕರ್ತೆಯರು, ಪೋಷಕರು ಹಾಗೂ ಕ್ಲಬ್ ಪದಾಧಿಕಾರಿಗಳು ಉಪಸ್ಥಿತರಿದ್ದರು. ಮಕ್ಕಳಿಗೆ ಸಿಹಿ ಹಂಚಲಾಯಿತು. ಕರ್ನಾಟಕ ಬ್ಯಾಂಕ್ ಹಾಗೂ ಸ್ಥಳೀಯ ದಾನಿಗಳ ಸಹಕಾರದಿಂದ ಕೇಂದ್ರಕ್ಕೆ ಆಟಿಕೆ ಹಾಗೂ ಕಲಿಕಾ ಸಾಮಗ್ರಿಗಳನ್ನು ವಿತರಿಸಲಾಯಿತು. ಸಮುದಾಯದ ಸಹಭಾಗಿತ್ವದಿಂದ ಅಂಗನವಾಡಿ ಕೇಂದ್ರಗಳನ್ನು ಮಾದರಿ ಕೇಂದ್ರಗಳನ್ನಾಗಿ ರೂಪಿಸಲು ಸಾಧ್ಯ ಎಂದು ಶಿಶು ಅಭಿವೃದ್ಧಿ ಯೋಜನಾಧಿಕಾರಿ ಅಭಿಪ್ರಾಯಪಟ್ಟರು.
ವಿಷಸೇವಿಸಿ ರೈತ ಆತ್ಮಹತ್ಯೆ
ಬೇಲೂರು: ಸಾಲಬಾಧೆ ತಾಳಲಾರದೆ ರೈತರೊಬ್ಬರು ವಿಷ ಸೇವಿಸಿ ಆತ್ಮಹತ್ಯೆ ಮಾಡಿಕೊಂಡಿರುವ ಘಟನೆ ತಾಲೂಕಿನ ಬಿ.ಹೊಸಹಳ್ಳಿ ಗ್ರಾಮದಲ್ಲಿ ನಡೆದಿದೆ. ಗ್ರಾಮದ ಮಂಜೇಗೌಡ (49) ಮೃತ ರೈತ. ಇವರು ಬ್ಯಾಂಕ್ ಹಾಗೂ ಖಾಸಗಿ ವ್ಯಕ್ತಿಗಳಿಂದ ಸಾಲ ಪಡೆದಿದ್ದರು. ಬೆಳೆ ನಷ್ಟದಿಂದ ಸಾಲ ತೀರಿಸಲಾಗದೆ ಮನನೊಂದು ಜಮೀನಿನಲ್ಲಿ ವಿಷ ಸೇವಿಸಿದ್ದಾರೆ. ಕುಟುಂಬಸ್ಥರು ಆಸ್ಪತ್ರೆಗೆ ದಾಖಲಿಸಿದರೂ ಚಿಕಿತ್ಸೆ ಫಲಕಾರಿಯಾಗದೆ ಮೃತಪಟ್ಟಿದ್ದಾರೆ. ಮೃತರಿಗೆ ಪತ್ನಿ, ಇಬ್ಬರು ಮಕ್ಕಳು ಇದ್ದಾರೆ. ಈ ಸಂಬಂಧ ಬೇಲೂರು ಪೊಲೀಸ್ ಠಾಣೆಯಲ್ಲಿ ಪ್ರಕರಣ ದಾಖಲಾಗಿದೆ.
ಬೇಲೂರು: ಸಾಲಬಾಧೆ ತಾಳಲಾರದೆ ರೈತರೊಬ್ಬರು ವಿಷ ಸೇವಿಸಿ ಆತ್ಮಹತ್ಯೆ ಮಾಡಿಕೊಂಡಿರುವ ಘಟನೆ ತಾಲೂಕಿನ ಬಿ.ಹೊಸಹಳ್ಳಿ ಗ್ರಾಮದಲ್ಲಿ ನಡೆದಿದೆ. ಗ್ರಾಮದ ಮಂಜೇಗೌಡ (49) ಮೃತ ರೈತ. ಇವರು ಬ್ಯಾಂಕ್ ಹಾಗೂ ಖಾಸಗಿ ವ್ಯಕ್ತಿಗಳಿಂದ ಸಾಲ ಪಡೆದಿದ್ದರು. ಬೆಳೆ ನಷ್ಟದಿಂದ ಸಾಲ ತೀರಿಸಲಾಗದೆ ಮನನೊಂದು ಜಮೀನಿನಲ್ಲಿ ವಿಷ ಸೇವಿಸಿದ್ದಾರೆ. ಕುಟುಂಬಸ್ಥರು ಆಸ್ಪತ್ರೆಗೆ ದಾಖಲಿಸಿದರೂ ಚಿಕಿತ್ಸೆ ಫಲಕಾರಿಯಾಗದೆ ಮೃತಪಟ್ಟಿದ್ದಾರೆ. ಮೃತರಿಗೆ ಪತ್ನಿ, ಇಬ್ಬರು ಮಕ್ಕಳು ಇದ್ದಾರೆ. ಈ ಸಂಬಂಧ ಬೇಲೂರು ಪೊಲೀಸ್ ಠಾಣೆಯಲ್ಲಿ ಪ್ರಕರಣ ದಾಖಲಾಗಿದೆ.
ಮೂವರಿಗೆ ಕಲೆಮನೆ ಕಲಾಶ್ರೀ ಪ್ರಶಸ್ತಿ
ಮೈಸೂರು: ನಗರದ ಕಲೆಮನೆ ಸಾಂಸ್ಕೃತಿಕ ಸಂಸ್ಥೆಯ ವತಿಯಿಂದ ನೀಡುವ ಕಲಾಶ್ರೀ ಪ್ರಶಸ್ತಿಯನ್ನು ಈ ಬಾರಿ ಮೂವರು ಕಲಾವಿದರಿಗೆ ಪ್ರದಾನ ಮಾಡಲಾಯಿತು. ಕಲಾಮಂದಿರದಲ್ಲಿ ನಡೆದ ಕಾರ್ಯಕ್ರಮದಲ್ಲಿ ರಂಗಭೂಮಿ, ಸಂಗೀತ ಹಾಗೂ ಜಾನಪದ ಕ್ಷೇತ್ರದ ಸಾಧಕರನ್ನು ಗೌರವಿಸಲಾಯಿತು. ಪ್ರಶಸ್ತಿಯು ಫಲಕ, ಪ್ರಮಾಣ ಪತ್ರ ಹಾಗೂ ನಗದು ಒಳಗೊಂಡಿದೆ. ಕಾರ್ಯಕ್ರಮದಲ್ಲಿ ವಿವಿಧ ಕಲಾವಿದರಿಂದ ಸಾಂಸ್ಕೃತಿಕ ಕಾರ್ಯಕ್ರಮಗಳು ನಡೆದವು. ಹಿರಿಯ ಕಲಾವಿದರು, ಸಾಹಿತಿಗಳು ಹಾಗೂ ಕಲಾಸಕ್ತರು ಭಾಗವಹಿಸಿದ್ದರು. ಸಂಸ್ಥೆಯ ಅಧ್ಯಕ್ಷರು ಸ್ವಾಗತಿಸಿದರು.
ಗಾಯಕ ಡಾ.ಅಪ್ಪಗೆರೆ ತಿಮ್ಮರಾಜು ಹೇಳಿಕೆ | ಕನ್ನಡ ರಾಜ್ಯೋತ್ಸವ ಪ್ರಶಸ್ತಿ ಪ್ರದಾನ
ಸಂಘ ಕಟ್ಟಿ ಬೆಳೆಸುವುದು ಸಲುಭದ ಕೆಲಸವಲ್ಲ
ಪ್ರತಿನಿಧಿ ವರದಿ ಮಂಡ್ಯ
ಒಂದು ಸಂಘವನ್ನು ಕಟ್ಟಿ ಬೆಳೆಸುವುದು ಸುಲಭದ ಕೆಲಸವಲ್ಲ. ಅದಕ್ಕೆ ನಿರಂತರ ಶ್ರಮ, ಬದ್ಧತೆ ಹಾಗೂ ಸಮರ್ಪಣಾ ಮನೋಭಾವ ಅಗತ್ಯ ಎಂದು ಗಾಯಕ ಡಾ.ಅಪ್ಪಗೆರೆ ತಿಮ್ಮರಾಜು ಅಭಿಪ್ರಾಯಪಟ್ಟರು. ನಗರದ ಕರ್ನಾಟಕ ಸಂಘದ ಸಭಾಂಗಣದಲ್ಲಿ ಆಯೋಜಿಸಿದ್ದ ಕನ್ನಡ ರಾಜ್ಯೋತ್ಸವ ಪ್ರಶಸ್ತಿ ಪ್ರದಾನ ಸಮಾರಂಭದಲ್ಲಿ ಅವರು ಮಾತನಾಡಿದರು. ಕನ್ನಡ ಭಾಷೆ, ನೆಲ, ಜಲದ ಬಗ್ಗೆ ಪ್ರತಿಯೊಬ್ಬರೂ ಅಭಿಮಾನ ಬೆಳೆಸಿಕೊಳ್ಳಬೇಕು. ಯುವ ಪೀಳಿಗೆಯನ್ನು ಕನ್ನಡದ ಕಾರ್ಯಗಳಲ್ಲಿ ತೊಡಗಿಸಿಕೊಳ್ಳುವ ಕೆಲಸ ಸಂಘಗಳಿಂದ ಆಗಬೇಕು ಎಂದರು. ಕಾರ್ಯಕ್ರಮದಲ್ಲಿ ವಿವಿಧ ಕ್ಷೇತ್ರಗಳಲ್ಲಿ ಸಾಧನೆ ಮಾಡಿದ 42 ಸಾಧಕರಿಗೆ ರಾಜ್ಯೋತ್ಸವ ಪ್ರಶಸ್ತಿ ನೀಡಿ ಗೌರವಿಸಲಾಯಿತು. ಸಂಘದ ಅಧ್ಯಕ್ಷರು ಅಧ್ಯಕ್ಷತೆ ವಹಿಸಿದ್ದರು. ಸಾಹಿತಿಗಳು, ಕಲಾವಿದರು, ಸಂಘದ ಪದಾಧಿಕಾರಿಗಳು ಹಾಗೂ ಸದಸ್ಯರು ಉಪಸ್ಥಿತರಿದ್ದರು. ಕನ್ನಡ ಗೀತೆಗಳ ಗಾಯನ ಕಾರ್ಯಕ್ರಮ ಪ್ರೇಕ್ಷಕರ ಮನ ಸೆಳೆಯಿತು. ಕರ್ನಾಟಕ ಸಂಘ ನಾಡಿನ ಸಾಂಸ್ಕೃತಿಕ ಕ್ಷೇತ್ರಕ್ಕೆ ಅಪಾರ ಕೊಡುಗೆ ನೀಡಿದೆ. ಹಲವು ದಶಕಗಳಿಂದ ಕನ್ನಡಪರ ಚಟುವಟಿಕೆಗಳನ್ನು ನಡೆಸಿಕೊಂಡು ಬರುತ್ತಿದೆ ಎಂದು ಗಣ್ಯರು ಶ್ಲಾಘಿಸಿದರು.
ಒಂದು ಸಂಘವನ್ನು ಕಟ್ಟಿ ಬೆಳೆಸುವುದು ಸುಲಭದ ಕೆಲಸವಲ್ಲ. ಅದಕ್ಕೆ ನಿರಂತರ ಶ್ರಮ, ಬದ್ಧತೆ ಹಾಗೂ ಸಮರ್ಪಣಾ ಮನೋಭಾವ ಅಗತ್ಯ ಎಂದು ಗಾಯಕ ಡಾ.ಅಪ್ಪಗೆರೆ ತಿಮ್ಮರಾಜು ಅಭಿಪ್ರಾಯಪಟ್ಟರು. ನಗರದ ಕರ್ನಾಟಕ ಸಂಘದ ಸಭಾಂಗಣದಲ್ಲಿ ಆಯೋಜಿಸಿದ್ದ ಕನ್ನಡ ರಾಜ್ಯೋತ್ಸವ ಪ್ರಶಸ್ತಿ ಪ್ರದಾನ ಸಮಾರಂಭದಲ್ಲಿ ಅವರು ಮಾತನಾಡಿದರು. ಕನ್ನಡ ಭಾಷೆ, ನೆಲ, ಜಲದ ಬಗ್ಗೆ ಪ್ರತಿಯೊಬ್ಬರೂ ಅಭಿಮಾನ ಬೆಳೆಸಿಕೊಳ್ಳಬೇಕು. ಯುವ ಪೀಳಿಗೆಯನ್ನು ಕನ್ನಡದ ಕಾರ್ಯಗಳಲ್ಲಿ ತೊಡಗಿಸಿಕೊಳ್ಳುವ ಕೆಲಸ ಸಂಘಗಳಿಂದ ಆಗಬೇಕು ಎಂದರು. ಕಾರ್ಯಕ್ರಮದಲ್ಲಿ ವಿವಿಧ ಕ್ಷೇತ್ರಗಳಲ್ಲಿ ಸಾಧನೆ ಮಾಡಿದ 42 ಸಾಧಕರಿಗೆ ರಾಜ್ಯೋತ್ಸವ ಪ್ರಶಸ್ತಿ ನೀಡಿ ಗೌರವಿಸಲಾಯಿತು. ಸಂಘದ ಅಧ್ಯಕ್ಷರು ಅಧ್ಯಕ್ಷತೆ ವಹಿಸಿದ್ದರು. ಸಾಹಿತಿಗಳು, ಕಲಾವಿದರು, ಸಂಘದ ಪದಾಧಿಕಾರಿಗಳು ಹಾಗೂ ಸದಸ್ಯರು ಉಪಸ್ಥಿತರಿದ್ದರು. ಕನ್ನಡ ಗೀತೆಗಳ ಗಾಯನ ಕಾರ್ಯಕ್ರಮ ಪ್ರೇಕ್ಷಕರ ಮನ ಸೆಳೆಯಿತು. ಕರ್ನಾಟಕ ಸಂಘ ನಾಡಿನ ಸಾಂಸ್ಕೃತಿಕ ಕ್ಷೇತ್ರಕ್ಕೆ ಅಪಾರ ಕೊಡುಗೆ ನೀಡಿದೆ. ಹಲವು ದಶಕಗಳಿಂದ ಕನ್ನಡಪರ ಚಟುವಟಿಕೆಗಳನ್ನು ನಡೆಸಿಕೊಂಡು ಬರುತ್ತಿದೆ ಎಂದು ಗಣ್ಯರು ಶ್ಲಾಘಿಸಿದರು.
ಒಂದು ಸಂಘವನ್ನು ಕಟ್ಟಿ ಬೆಳೆಸುವುದು ಸುಲಭದ ಕೆಲಸವಲ್ಲ. ಅದಕ್ಕೆ ನಿರಂತರ ಶ್ರಮ, ಬದ್ಧತೆ ಹಾಗೂ ಸಮರ್ಪಣಾ ಮನೋಭಾವ ಅಗತ್ಯ ಎಂದು ಗಾಯಕ ಡಾ.ಅಪ್ಪಗೆರೆ ತಿಮ್ಮರಾಜು ಅಭಿಪ್ರಾಯಪಟ್ಟರು. ನಗರದ ಕರ್ನಾಟಕ ಸಂಘದ ಸಭಾಂಗಣದಲ್ಲಿ ಆಯೋಜಿಸಿದ್ದ ಕನ್ನಡ ರಾಜ್ಯೋತ್ಸವ ಪ್ರಶಸ್ತಿ ಪ್ರದಾನ ಸಮಾರಂಭದಲ್ಲಿ ಅವರು ಮಾತನಾಡಿದರು. ಕನ್ನಡ ಭಾಷೆ, ನೆಲ, ಜಲದ ಬಗ್ಗೆ ಪ್ರತಿಯೊಬ್ಬರೂ ಅಭಿಮಾನ ಬೆಳೆಸಿಕೊಳ್ಳಬೇಕು. ಯುವ ಪೀಳಿಗೆಯನ್ನು ಕನ್ನಡದ ಕಾರ್ಯಗಳಲ್ಲಿ ತೊಡಗಿಸಿಕೊಳ್ಳುವ ಕೆಲಸ ಸಂಘಗಳಿಂದ ಆಗಬೇಕು ಎಂದರು. ಕಾರ್ಯಕ್ರಮದಲ್ಲಿ ವಿವಿಧ ಕ್ಷೇತ್ರಗಳಲ್ಲಿ ಸಾಧನೆ ಮಾಡಿದ 42 ಸಾಧಕರಿಗೆ ರಾಜ್ಯೋತ್ಸವ ಪ್ರಶಸ್ತಿ ನೀಡಿ ಗೌರವಿಸಲಾಯಿತು. ಸಂಘದ ಅಧ್ಯಕ್ಷರು ಅಧ್ಯಕ್ಷತೆ ವಹಿಸಿದ್ದರು. ಸಾಹಿತಿಗಳು, ಕಲಾವಿದರು, ಸಂಘದ ಪದಾಧಿಕಾರಿಗಳು ಹಾಗೂ ಸದಸ್ಯರು ಉಪಸ್ಥಿತರಿದ್ದರು. ಕನ್ನಡ ಗೀತೆಗಳ ಗಾಯನ ಕಾರ್ಯಕ್ರಮ ಪ್ರೇಕ್ಷಕರ ಮನ ಸೆಳೆಯಿತು. ಕರ್ನಾಟಕ ಸಂಘ ನಾಡಿನ ಸಾಂಸ್ಕೃತಿಕ ಕ್ಷೇತ್ರಕ್ಕೆ ಅಪಾರ ಕೊಡುಗೆ ನೀಡಿದೆ. ಹಲವು ದಶಕಗಳಿಂದ ಕನ್ನಡಪರ ಚಟುವಟಿಕೆಗಳನ್ನು ನಡೆಸಿಕೊಂಡು ಬರುತ್ತಿದೆ ಎಂದು ಗಣ್ಯರು ಶ್ಲಾಘಿಸಿದರು.
ಕೆರಗೋಡು ಗಣೇಶ ಮೂರ್ತಿ ವಿಸರ್ಜನೆ
ಮಂಡ್ಯ: ತಾಲೂಕಿನ ಕೆರಗೋಡು ಗ್ರಾಮದಲ್ಲಿ ಪ್ರತಿಷ್ಠಾಪಿಸಲಾಗಿದ್ದ ಗಣೇಶ ಮೂರ್ತಿಯನ್ನು ಅದ್ದೂರಿ ಮೆರವಣಿಗೆ ಮೂಲಕ ವಿಸರ್ಜನೆ ಮಾಡಲಾಯಿತು. ಗ್ರಾಮದ ಪ್ರಮುಖ ಬೀದಿಗಳಲ್ಲಿ ನಡೆದ ಮೆರವಣಿಗೆಯಲ್ಲಿ ಸಾವಿರಾರು ಭಕ್ತರು ಪಾಲ್ಗೊಂಡಿದ್ದರು. ಡೊಳ್ಳು ಕುಣಿತ, ವೀರಗಾಸೆ, ನಂದಿಧ್ವಜ ಸೇರಿದಂತೆ ವಿವಿಧ ಜಾನಪದ ಕಲಾತಂಡಗಳು ಮೆರವಣಿಗೆಗೆ ಮೆರುಗು ನೀಡಿದವು. ಯುವಕರು ಡಿಜೆ ಸದ್ದಿಗೆ ಕುಣಿದು ಕುಪ್ಪಳಿಸಿದರು. ಮೆರವಣಿಗೆಯುದ್ದಕ್ಕೂ ಪೊಲೀಸ್ ಬಿಗಿ ಬಂದೋಬಸ್ತ್ ಏರ್ಪಡಿಸಲಾಗಿತ್ತು. ಸಂಜೆ ಗ್ರಾಮದ ಕೆರೆಯಲ್ಲಿ ಗಣೇಶ ಮೂರ್ತಿಯನ್ನು ವಿಸರ್ಜಿಸಲಾಯಿತು. ಭಕ್ತರಿಗೆ ಅನ್ನಸಂತರ್ಪಣೆ ಏರ್ಪಡಿಸಲಾಗಿತ್ತು. ಗಣೇಶೋತ್ಸವ ಸಮಿತಿಯ ಪದಾಧಿಕಾರಿಗಳು, ಗ್ರಾಮದ ಮುಖಂಡರು ಹಾಗೂ ಜನಪ್ರತಿನಿಧಿಗಳು ಭಾಗವಹಿಸಿದ್ದರು. ಶಾಂತಿಯುತವಾಗಿ ಉತ್ಸವ ನಡೆಯಲು ಸಹಕರಿಸಿದ ಎಲ್ಲರಿಗೂ ಸಮಿತಿ ಕೃತಜ್ಞತೆ ಸಲ್ಲಿಸಿತು.
